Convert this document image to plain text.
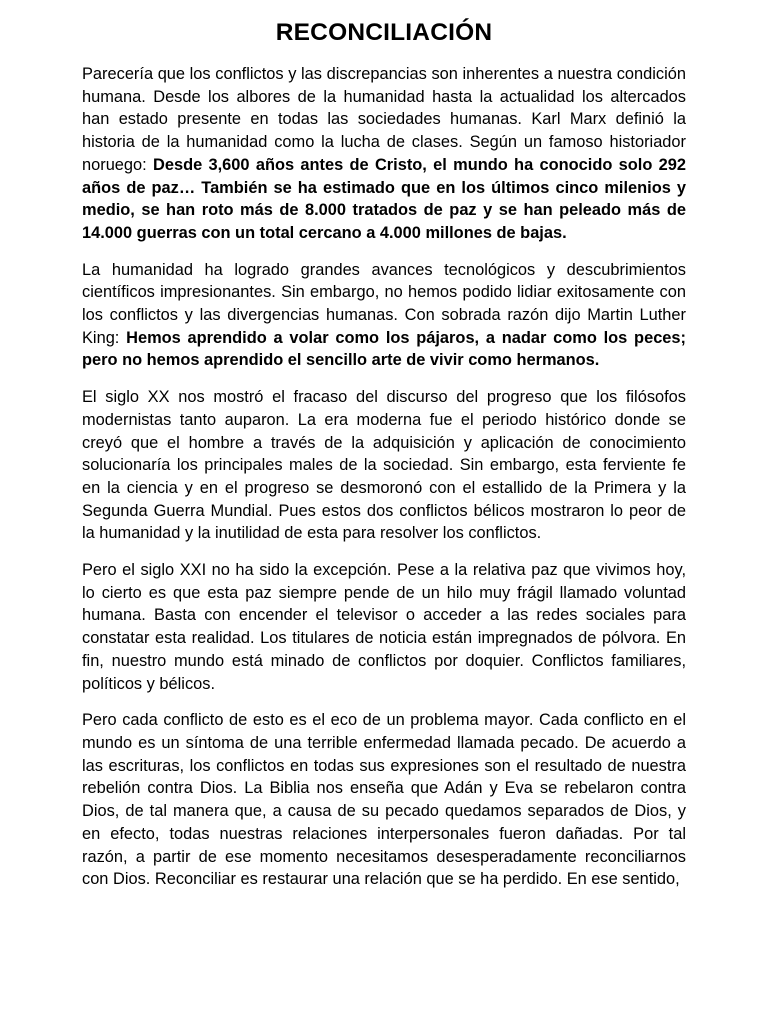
RECONCILIACIÓN

Parecería que los conflictos y las discrepancias son inherentes a nuestra condición humana. Desde los albores de la humanidad hasta la actualidad los altercados han estado presente en todas las sociedades humanas. Karl Marx definió la historia de la humanidad como la lucha de clases. Según un famoso historiador noruego: Desde 3,600 años antes de Cristo, el mundo ha conocido solo 292 años de paz… También se ha estimado que en los últimos cinco milenios y medio, se han roto más de 8.000 tratados de paz y se han peleado más de 14.000 guerras con un total cercano a 4.000 millones de bajas.

La humanidad ha logrado grandes avances tecnológicos y descubrimientos científicos impresionantes. Sin embargo, no hemos podido lidiar exitosamente con los conflictos y las divergencias humanas. Con sobrada razón dijo Martin Luther King: Hemos aprendido a volar como los pájaros, a nadar como los peces; pero no hemos aprendido el sencillo arte de vivir como hermanos.

El siglo XX nos mostró el fracaso del discurso del progreso que los filósofos modernistas tanto auparon. La era moderna fue el periodo histórico donde se creyó que el hombre a través de la adquisición y aplicación de conocimiento solucionaría los principales males de la sociedad. Sin embargo, esta ferviente fe en la ciencia y en el progreso se desmoronó con el estallido de la Primera y la Segunda Guerra Mundial. Pues estos dos conflictos bélicos mostraron lo peor de la humanidad y la inutilidad de esta para resolver los conflictos.

Pero el siglo XXI no ha sido la excepción. Pese a la relativa paz que vivimos hoy, lo cierto es que esta paz siempre pende de un hilo muy frágil llamado voluntad humana. Basta con encender el televisor o acceder a las redes sociales para constatar esta realidad. Los titulares de noticia están impregnados de pólvora. En fin, nuestro mundo está minado de conflictos por doquier. Conflictos familiares, políticos y bélicos.

Pero cada conflicto de esto es el eco de un problema mayor. Cada conflicto en el mundo es un síntoma de una terrible enfermedad llamada pecado. De acuerdo a las escrituras, los conflictos en todas sus expresiones son el resultado de nuestra rebelión contra Dios. La Biblia nos enseña que Adán y Eva se rebelaron contra Dios, de tal manera que, a causa de su pecado quedamos separados de Dios, y en efecto, todas nuestras relaciones interpersonales fueron dañadas. Por tal razón, a partir de ese momento necesitamos desesperadamente reconciliarnos con Dios. Reconciliar es restaurar una relación que se ha perdido. En ese sentido,
